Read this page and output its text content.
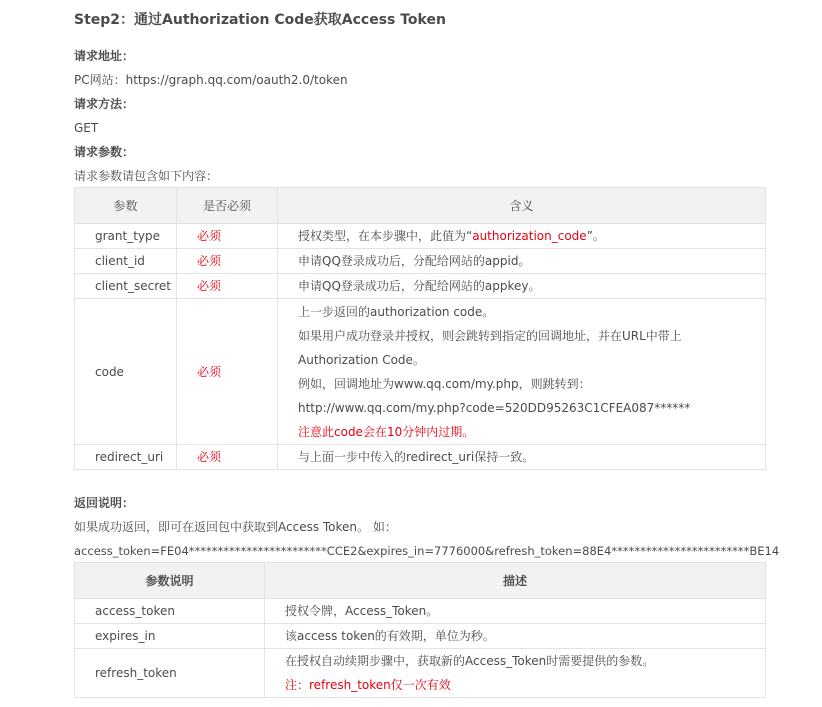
Step2：通过Authorization Code获取Access Token
请求地址：
PC网站：https://graph.qq.com/oauth2.0/token
请求方法：
GET
请求参数：
请求参数请包含如下内容：
参数	是否必须	含义
grant_type	必须	授权类型，在本步骤中，此值为“authorization_code”。
client_id	必须	申请QQ登录成功后，分配给网站的appid。
client_secret	必须	申请QQ登录成功后，分配给网站的appkey。
code	必须	上一步返回的authorization code。
如果用户成功登录并授权，则会跳转到指定的回调地址，并在URL中带上Authorization Code。
例如，回调地址为www.qq.com/my.php，则跳转到：
http://www.qq.com/my.php?code=520DD95263C1CFEA087******
注意此code会在10分钟内过期。

redirect_uri	必须	与上面一步中传入的redirect_uri保持一致。
返回说明：
如果成功返回，即可在返回包中获取到Access Token。 如：
access_token=FE04************************CCE2&expires_in=7776000&refresh_token=88E4************************BE14
参数说明	描述
access_token	授权令牌，Access_Token。
expires_in	该access token的有效期，单位为秒。
refresh_token	在授权自动续期步骤中，获取新的Access_Token时需要提供的参数。
注：refresh_token仅一次有效
